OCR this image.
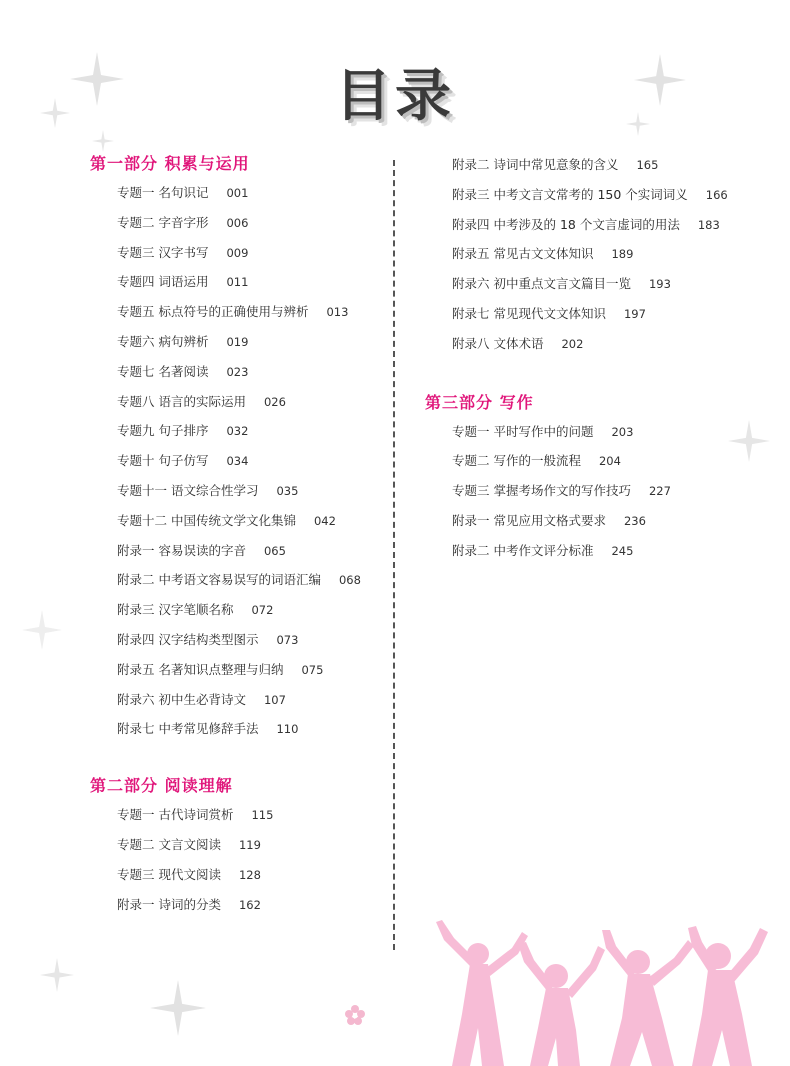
目录
第一部分 积累与运用
专题一 名句识记 001
专题二 字音字形 006
专题三 汉字书写 009
专题四 词语运用 011
专题五 标点符号的正确使用与辨析 013
专题六 病句辨析 019
专题七 名著阅读 023
专题八 语言的实际运用 026
专题九 句子排序 032
专题十 句子仿写 034
专题十一 语文综合性学习 035
专题十二 中国传统文学文化集锦 042
附录一 容易误读的字音 065
附录二 中考语文容易误写的词语汇编 068
附录三 汉字笔顺名称 072
附录四 汉字结构类型图示 073
附录五 名著知识点整理与归纳 075
附录六 初中生必背诗文 107
附录七 中考常见修辞手法 110
第二部分 阅读理解
专题一 古代诗词赏析 115
专题二 文言文阅读 119
专题三 现代文阅读 128
附录一 诗词的分类 162
附录二 诗词中常见意象的含义 165
附录三 中考文言文常考的 150 个实词词义 166
附录四 中考涉及的 18 个文言虚词的用法 183
附录五 常见古文文体知识 189
附录六 初中重点文言文篇目一览 193
附录七 常见现代文文体知识 197
附录八 文体术语 202
第三部分 写作
专题一 平时写作中的问题 203
专题二 写作的一般流程 204
专题三 掌握考场作文的写作技巧 227
附录一 常见应用文格式要求 236
附录二 中考作文评分标准 245
